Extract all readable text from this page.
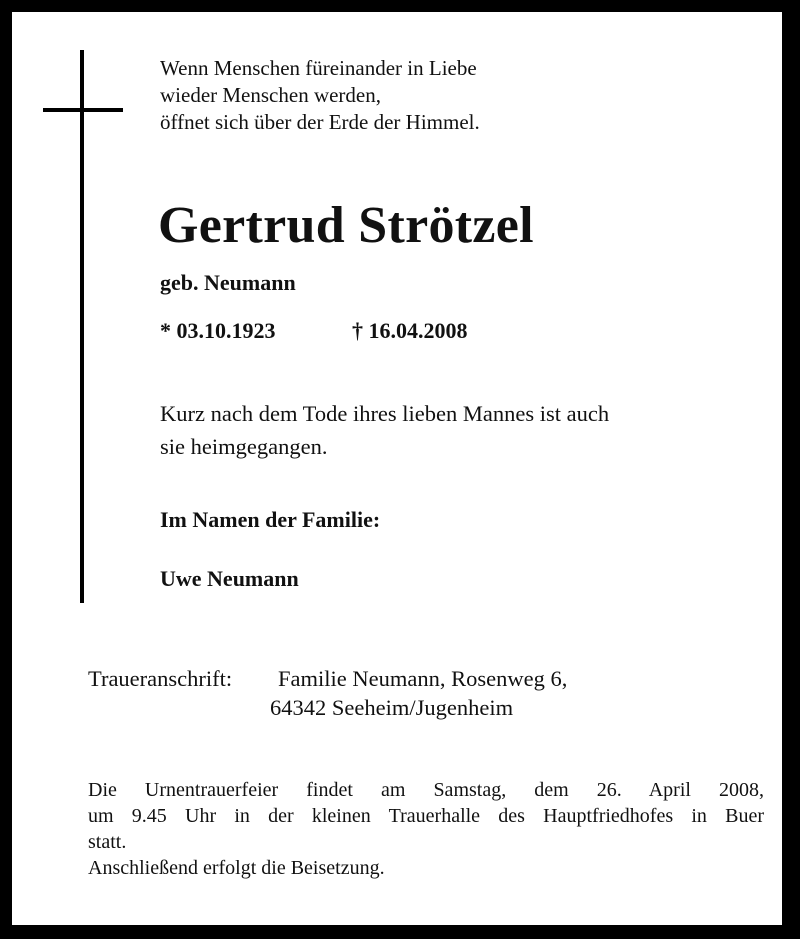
Wenn Menschen füreinander in Liebe
wieder Menschen werden,
öffnet sich über der Erde der Himmel.
Gertrud Strötzel
geb. Neumann
* 03.10.1923	† 16.04.2008
Kurz nach dem Tode ihres lieben Mannes ist auch
sie heimgegangen.
Im Namen der Familie:
Uwe Neumann
Traueranschrift: Familie Neumann, Rosenweg 6,
64342 Seeheim/Jugenheim
Die Urnentrauerfeier findet am Samstag, dem 26. April 2008,
um 9.45 Uhr in der kleinen Trauerhalle des Hauptfriedhofes in Buer
statt.
Anschließend erfolgt die Beisetzung.
